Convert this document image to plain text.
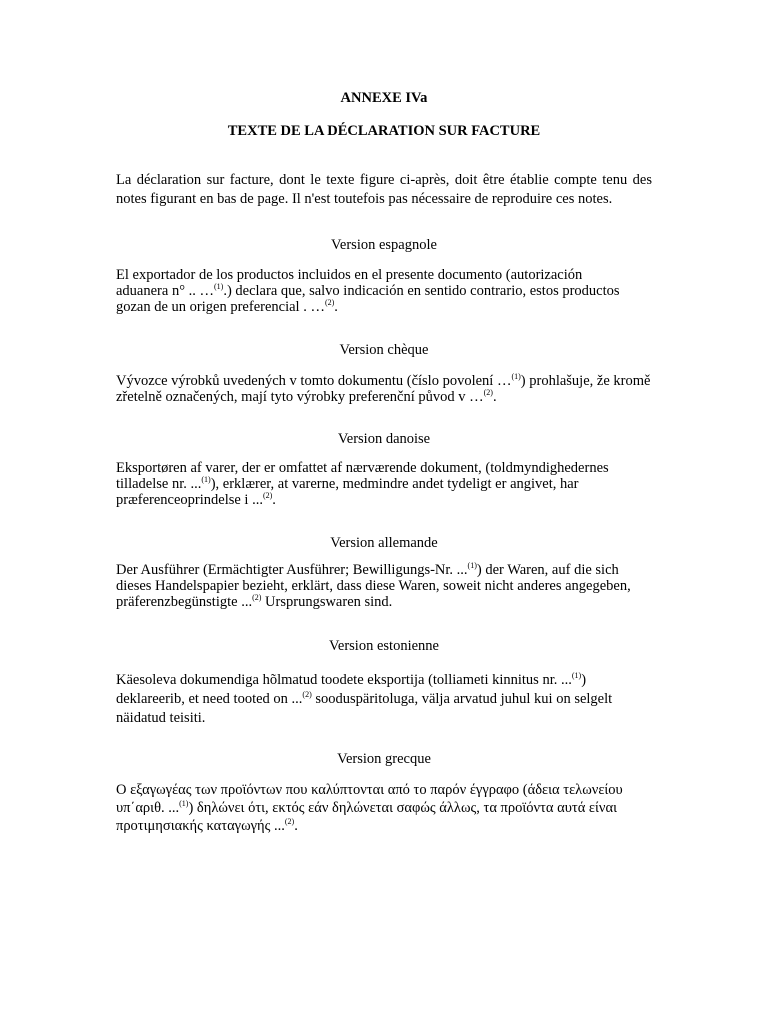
ANNEXE IVa
TEXTE DE LA DÉCLARATION SUR FACTURE
La déclaration sur facture, dont le texte figure ci-après, doit être établie compte tenu des notes figurant en bas de page. Il n'est toutefois pas nécessaire de reproduire ces notes.
Version espagnole
El exportador de los productos incluidos en el presente documento (autorización aduanera n° .. …$^{(1)}$.) declara que, salvo indicación en sentido contrario, estos productos gozan de un origen preferencial . …$^{(2)}$.
Version chèque
Vývozce výrobků uvedených v tomto dokumentu (číslo povolení …$^{(1)}$) prohlašuje, že kromě zřetelně označených, mají tyto výrobky preferenční původ v …$^{(2)}$.
Version danoise
Eksportøren af varer, der er omfattet af nærværende dokument, (toldmyndighedernes tilladelse nr. ...$^{(1)}$), erklærer, at varerne, medmindre andet tydeligt er angivet, har præferenceoprindelse i ...$^{(2)}$.
Version allemande
Der Ausführer (Ermächtigter Ausführer; Bewilligungs-Nr. ...$^{(1)}$) der Waren, auf die sich dieses Handelspapier bezieht, erklärt, dass diese Waren, soweit nicht anderes angegeben, präferenzbegünstigte ...$^{(2)}$ Ursprungswaren sind.
Version estonienne
Käesoleva dokumendiga hõlmatud toodete eksportija (tolliameti kinnitus nr. ...$^{(1)}$) deklareerib, et need tooted on ...$^{(2)}$ sooduspäritoluga, välja arvatud juhul kui on selgelt näidatud teisiti.
Version grecque
Ο εξαγωγέας των προϊόντων που καλύπτονται από το παρόν έγγραφο (άδεια τελωνείου υπ΄αριθ. ...$^{(1)}$) δηλώνει ότι, εκτός εάν δηλώνεται σαφώς άλλως, τα προϊόντα αυτά είναι προτιμησιακής καταγωγής ...$^{(2)}$.
